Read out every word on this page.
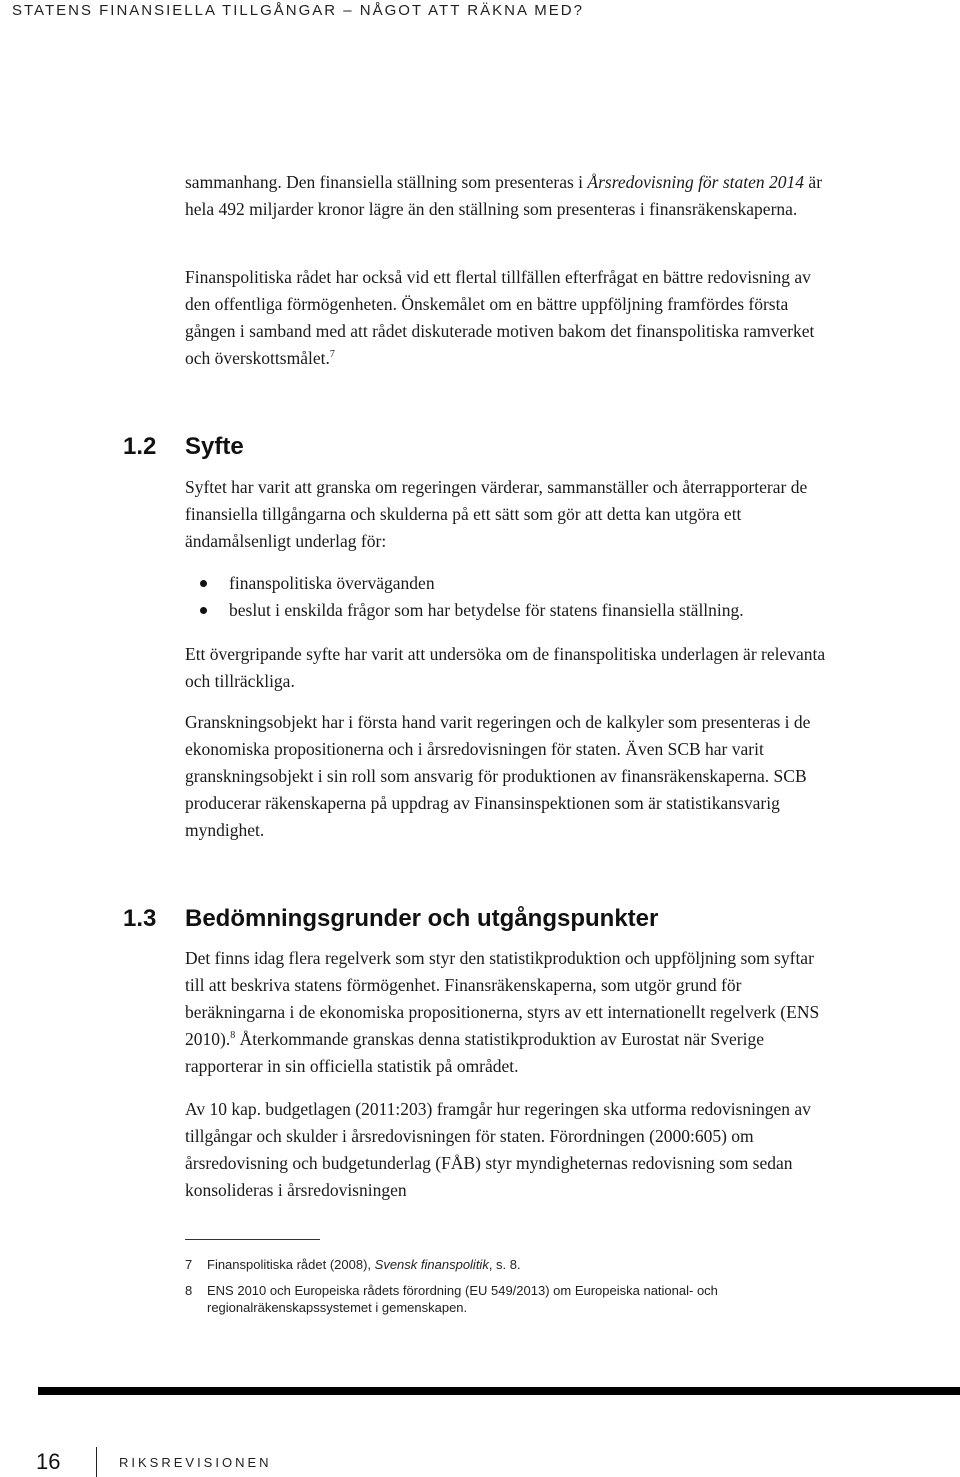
STATENS FINANSIELLA TILLGÅNGAR – NÅGOT ATT RÄKNA MED?

sammanhang. Den finansiella ställning som presenteras i Årsredovisning för staten 2014 är hela 492 miljarder kronor lägre än den ställning som presenteras i finansräkenskaperna.

Finanspolitiska rådet har också vid ett flertal tillfällen efterfrågat en bättre redovisning av den offentliga förmögenheten. Önskemålet om en bättre uppföljning framfördes första gången i samband med att rådet diskuterade motiven bakom det finanspolitiska ramverket och överskottsmålet.$^7$

1.2 Syfte

Syftet har varit att granska om regeringen värderar, sammanställer och återrapporterar de finansiella tillgångarna och skulderna på ett sätt som gör att detta kan utgöra ett ändamålsenligt underlag för:

finanspolitiska överväganden
beslut i enskilda frågor som har betydelse för statens finansiella ställning.

Ett övergripande syfte har varit att undersöka om de finanspolitiska underlagen är relevanta och tillräckliga.

Granskningsobjekt har i första hand varit regeringen och de kalkyler som presenteras i de ekonomiska propositionerna och i årsredovisningen för staten. Även SCB har varit granskningsobjekt i sin roll som ansvarig för produktionen av finansräkenskaperna. SCB producerar räkenskaperna på uppdrag av Finansinspektionen som är statistikansvarig myndighet.

1.3 Bedömningsgrunder och utgångspunkter

Det finns idag flera regelverk som styr den statistikproduktion och uppföljning som syftar till att beskriva statens förmögenhet. Finansräkenskaperna, som utgör grund för beräkningarna i de ekonomiska propositionerna, styrs av ett internationellt regelverk (ENS 2010).$^8$ Återkommande granskas denna statistikproduktion av Eurostat när Sverige rapporterar in sin officiella statistik på området.

Av 10 kap. budgetlagen (2011:203) framgår hur regeringen ska utforma redovisningen av tillgångar och skulder i årsredovisningen för staten. Förordningen (2000:605) om årsredovisning och budgetunderlag (FÅB) styr myndigheternas redovisning som sedan konsolideras i årsredovisningen

7 Finanspolitiska rådet (2008), Svensk finanspolitik, s. 8.
8 ENS 2010 och Europeiska rådets förordning (EU 549/2013) om Europeiska national- och regionalräkenskapssystemet i gemenskapen.
16	RIKSREVISIONEN
